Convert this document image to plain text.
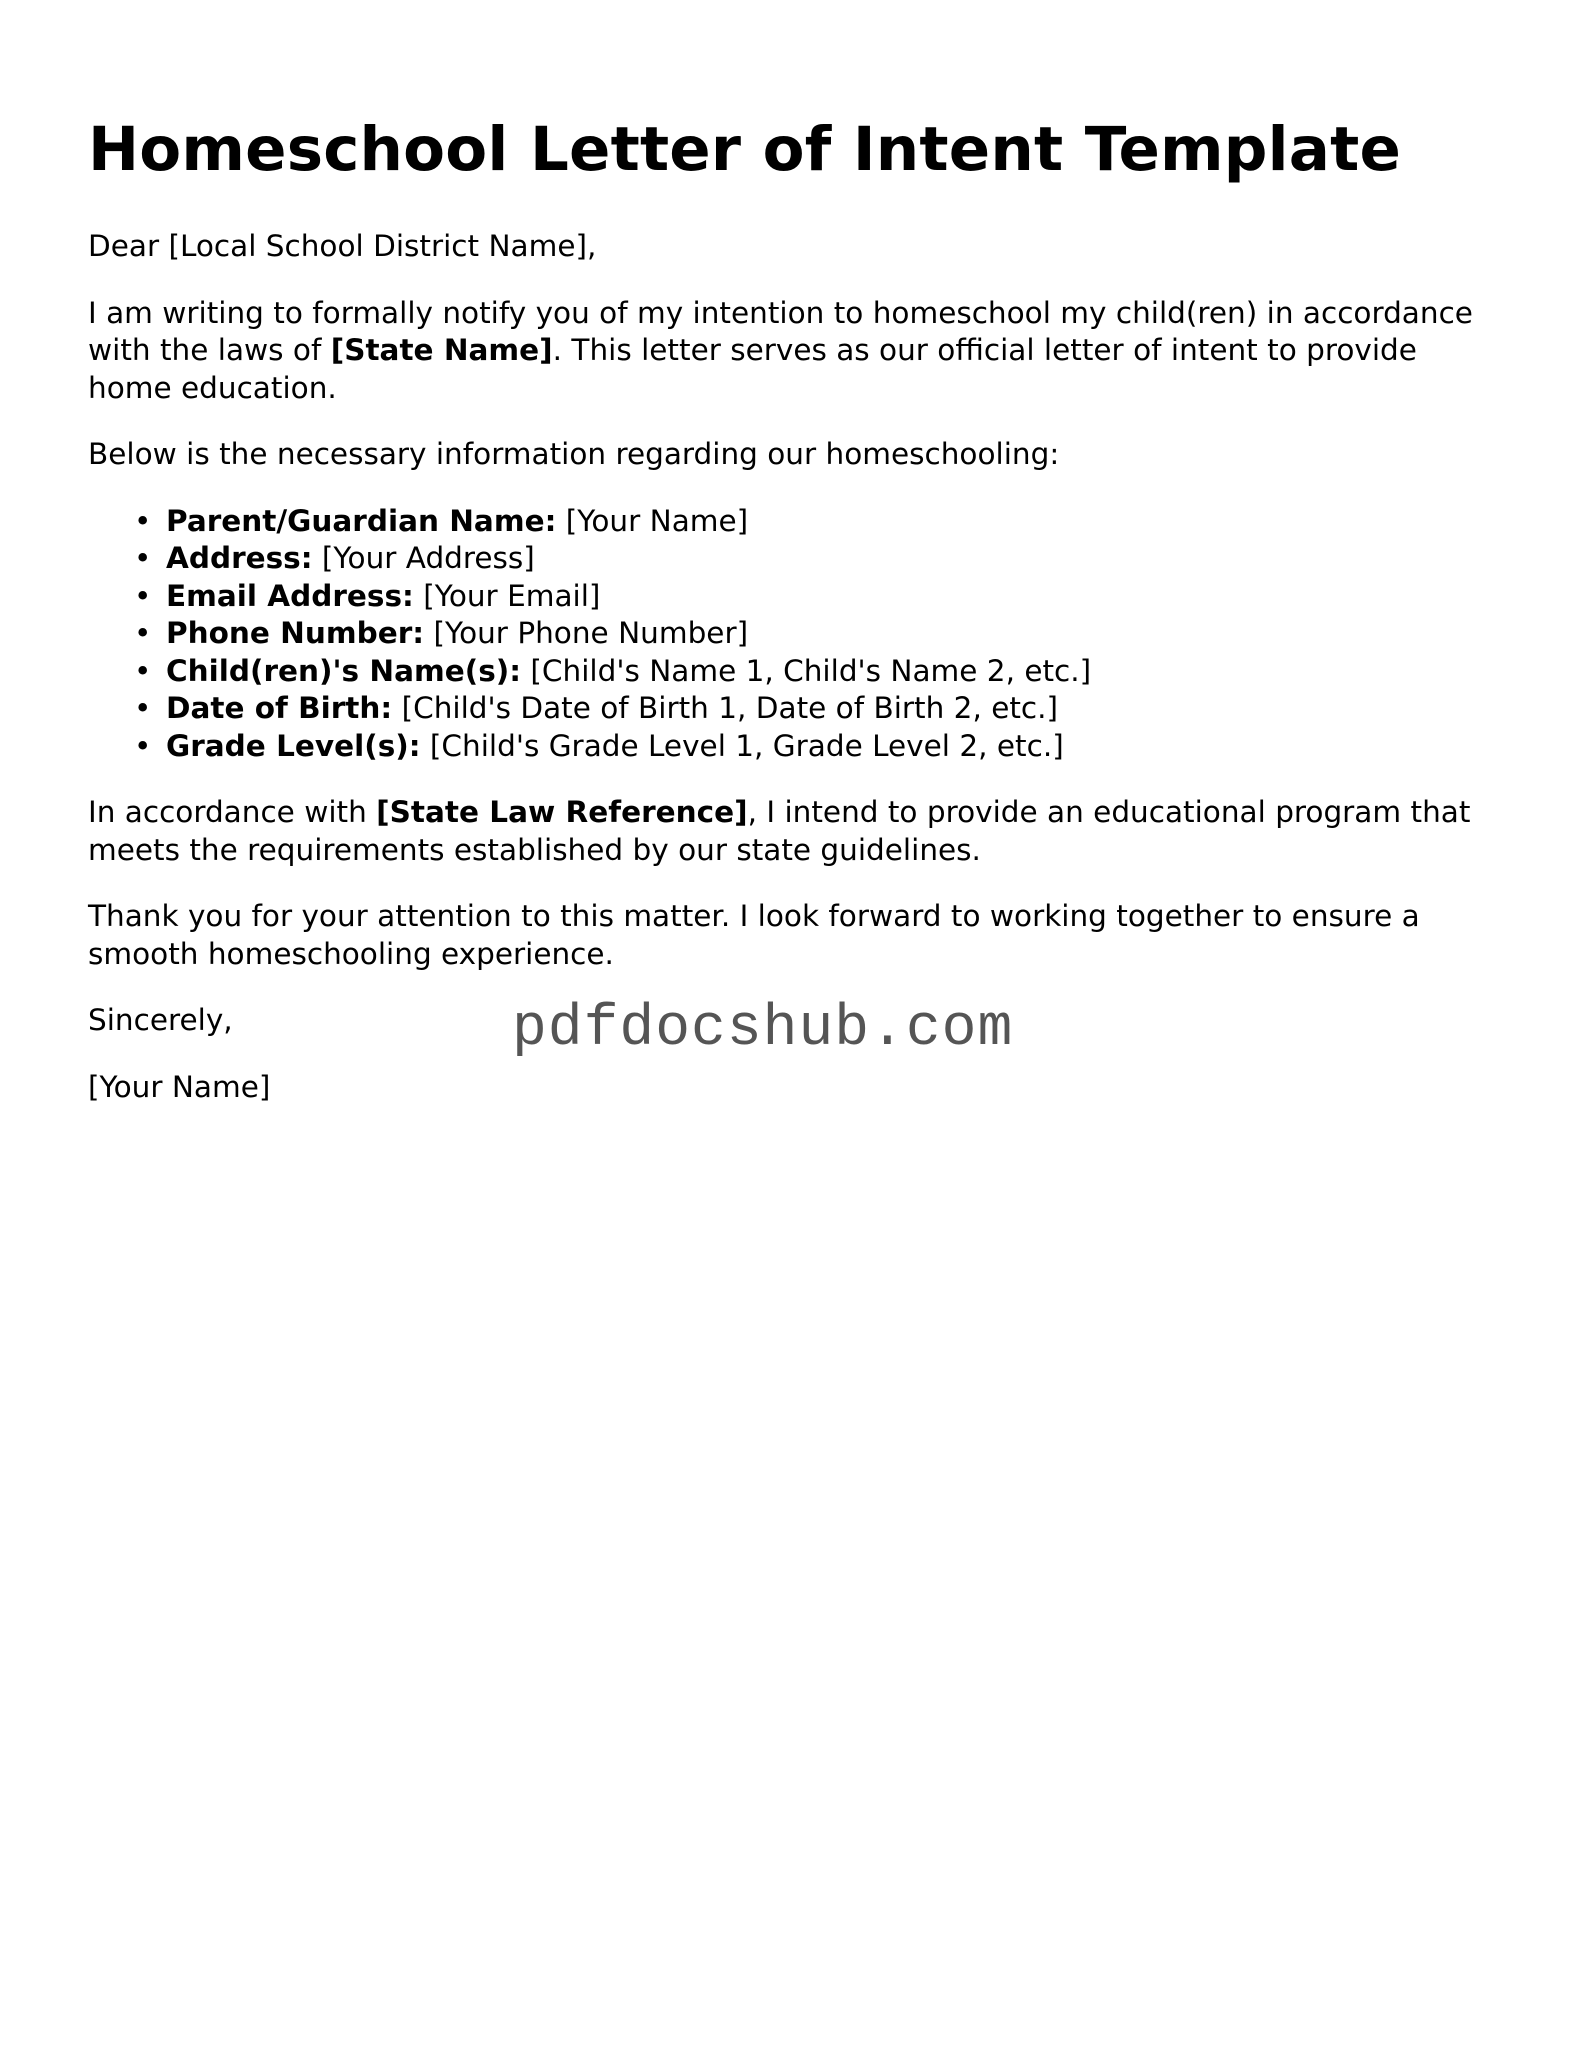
Homeschool Letter of Intent Template

Dear [Local School District Name],

I am writing to formally notify you of my intention to homeschool my child(ren) in accordance with the laws of [State Name]. This letter serves as our official letter of intent to provide home education.

Below is the necessary information regarding our homeschooling:

• Parent/Guardian Name: [Your Name]
• Address: [Your Address]
• Email Address: [Your Email]
• Phone Number: [Your Phone Number]
• Child(ren)'s Name(s): [Child's Name 1, Child's Name 2, etc.]
• Date of Birth: [Child's Date of Birth 1, Date of Birth 2, etc.]
• Grade Level(s): [Child's Grade Level 1, Grade Level 2, etc.]

In accordance with [State Law Reference], I intend to provide an educational program that meets the requirements established by our state guidelines.

Thank you for your attention to this matter. I look forward to working together to ensure a smooth homeschooling experience.

Sincerely,

[Your Name]

pdfdocshub.com
